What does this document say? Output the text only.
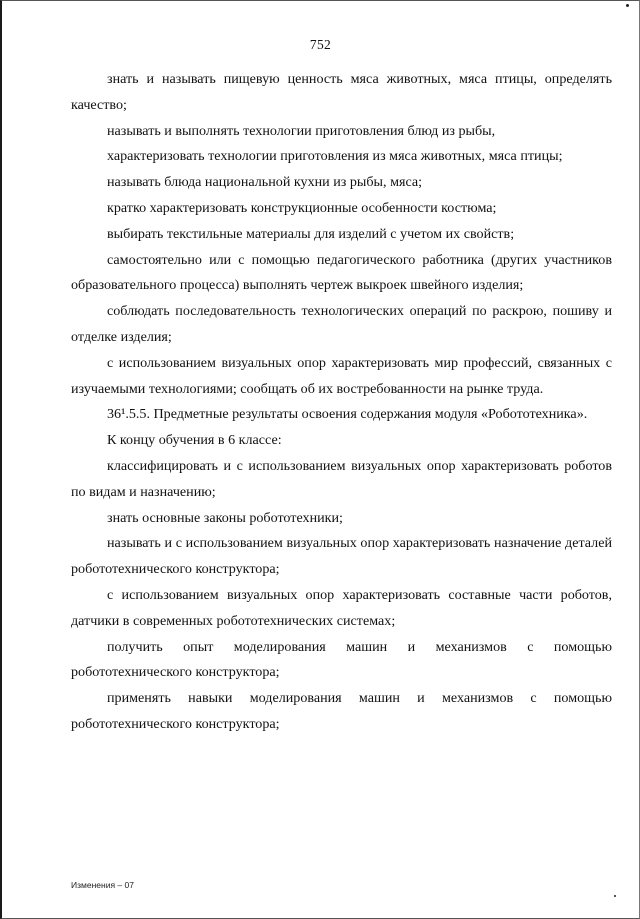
752

знать и называть пищевую ценность мяса животных, мяса птицы, определять качество;

называть и выполнять технологии приготовления блюд из рыбы,

характеризовать технологии приготовления из мяса животных, мяса птицы;

называть блюда национальной кухни из рыбы, мяса;

кратко характеризовать конструкционные особенности костюма;

выбирать текстильные материалы для изделий с учетом их свойств;

самостоятельно или с помощью педагогического работника (других участников образовательного процесса) выполнять чертеж выкроек швейного изделия;

соблюдать последовательность технологических операций по раскрою, пошиву и отделке изделия;

с использованием визуальных опор характеризовать мир профессий, связанных с изучаемыми технологиями; сообщать об их востребованности на рынке труда.

36¹.5.5. Предметные результаты освоения содержания модуля «Робототехника».

К концу обучения в 6 классе:

классифицировать и с использованием визуальных опор характеризовать роботов по видам и назначению;

знать основные законы робототехники;

называть и с использованием визуальных опор характеризовать назначение деталей робототехнического конструктора;

с использованием визуальных опор характеризовать составные части роботов, датчики в современных робототехнических системах;

получить опыт моделирования машин и механизмов с помощью робототехнического конструктора;

применять навыки моделирования машин и механизмов с помощью робототехнического конструктора;

Изменения – 07
